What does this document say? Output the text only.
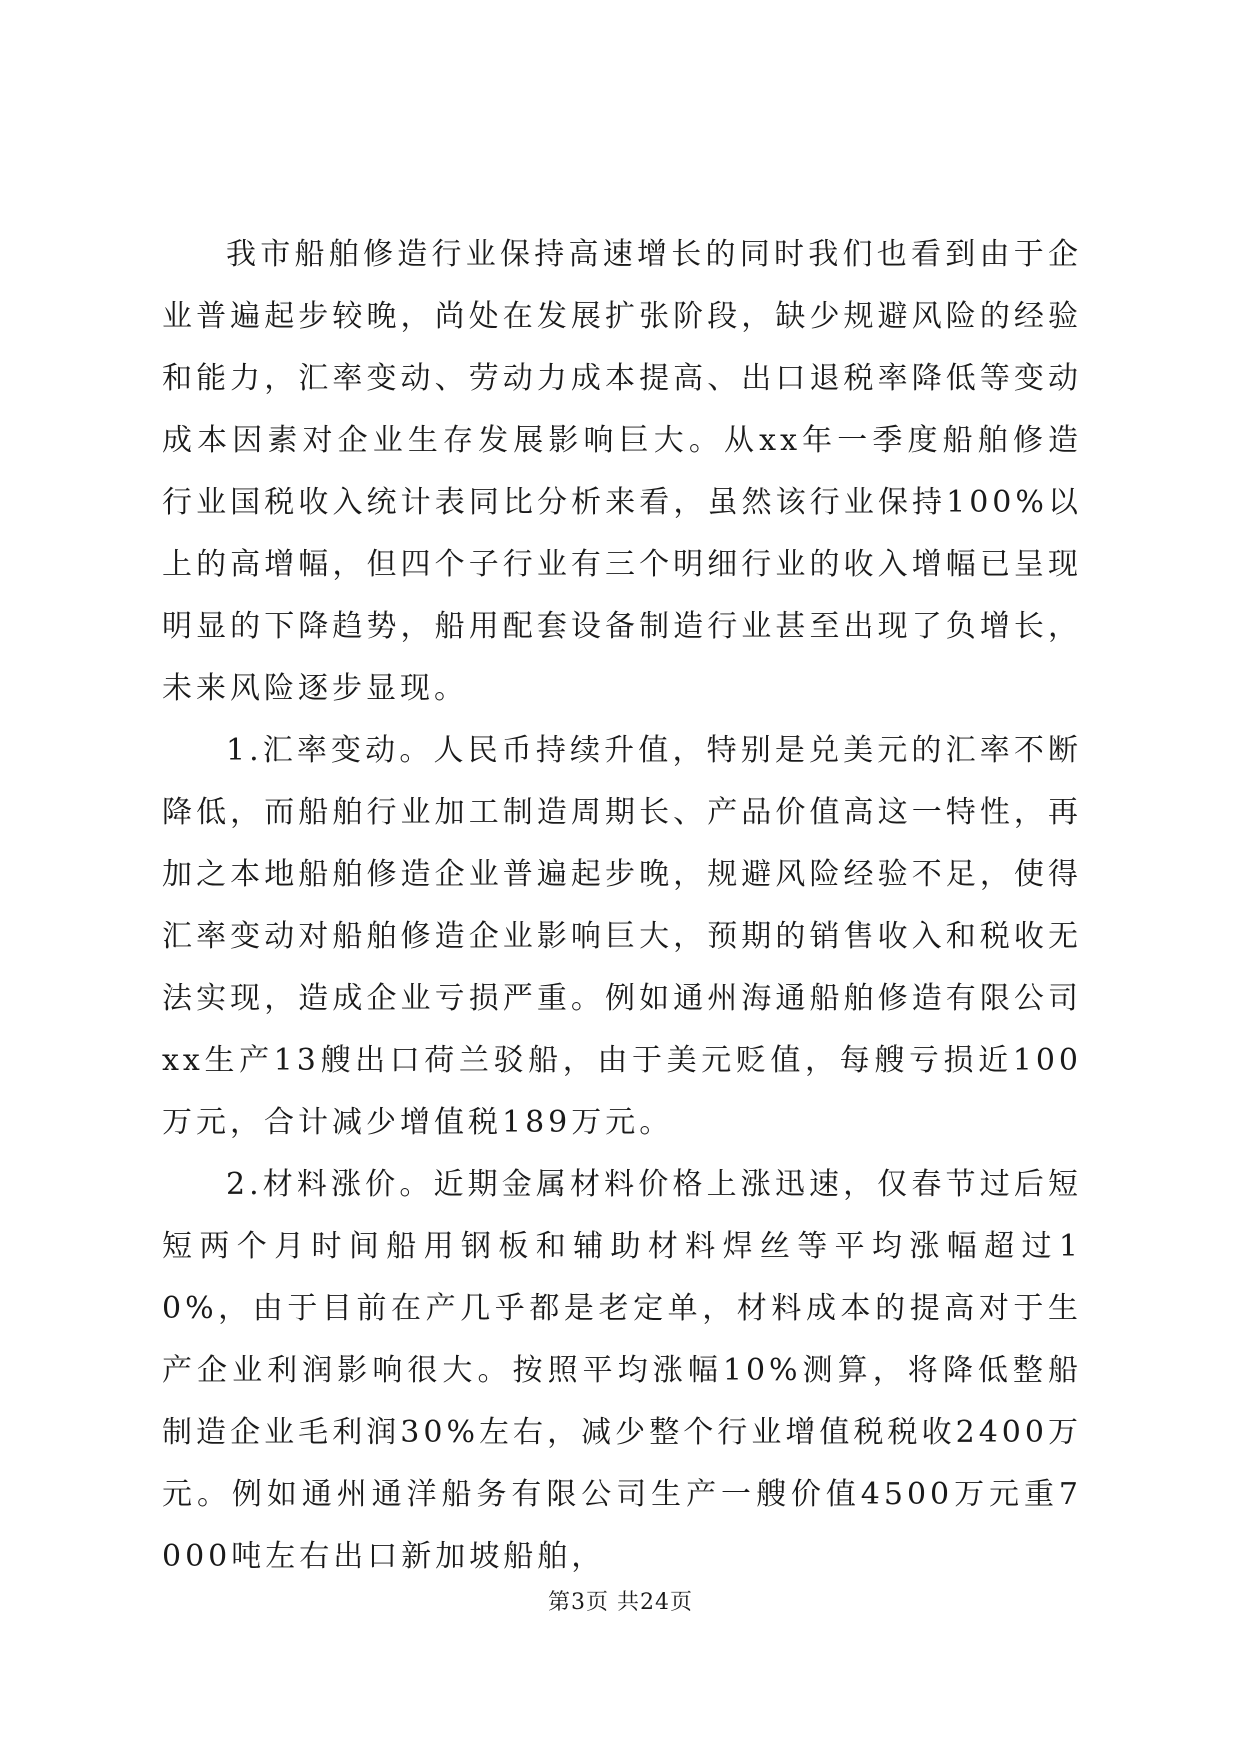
我市船舶修造行业保持高速增长的同时我们也看到由于企业普遍起步较晚，尚处在发展扩张阶段，缺少规避风险的经验和能力，汇率变动、劳动力成本提高、出口退税率降低等变动成本因素对企业生存发展影响巨大。从xx年一季度船舶修造行业国税收入统计表同比分析来看，虽然该行业保持100%以上的高增幅，但四个子行业有三个明细行业的收入增幅已呈现明显的下降趋势，船用配套设备制造行业甚至出现了负增长，未来风险逐步显现。

1.汇率变动。人民币持续升值，特别是兑美元的汇率不断降低，而船舶行业加工制造周期长、产品价值高这一特性，再加之本地船舶修造企业普遍起步晚，规避风险经验不足，使得汇率变动对船舶修造企业影响巨大，预期的销售收入和税收无法实现，造成企业亏损严重。例如通州海通船舶修造有限公司xx生产13艘出口荷兰驳船，由于美元贬值，每艘亏损近100万元，合计减少增值税189万元。

2.材料涨价。近期金属材料价格上涨迅速，仅春节过后短短两个月时间船用钢板和辅助材料焊丝等平均涨幅超过10%，由于目前在产几乎都是老定单，材料成本的提高对于生产企业利润影响很大。按照平均涨幅10%测算，将降低整船制造企业毛利润30%左右，减少整个行业增值税税收2400万元。例如通州通洋船务有限公司生产一艘价值4500万元重7000吨左右出口新加坡船舶，

第3页 共24页
